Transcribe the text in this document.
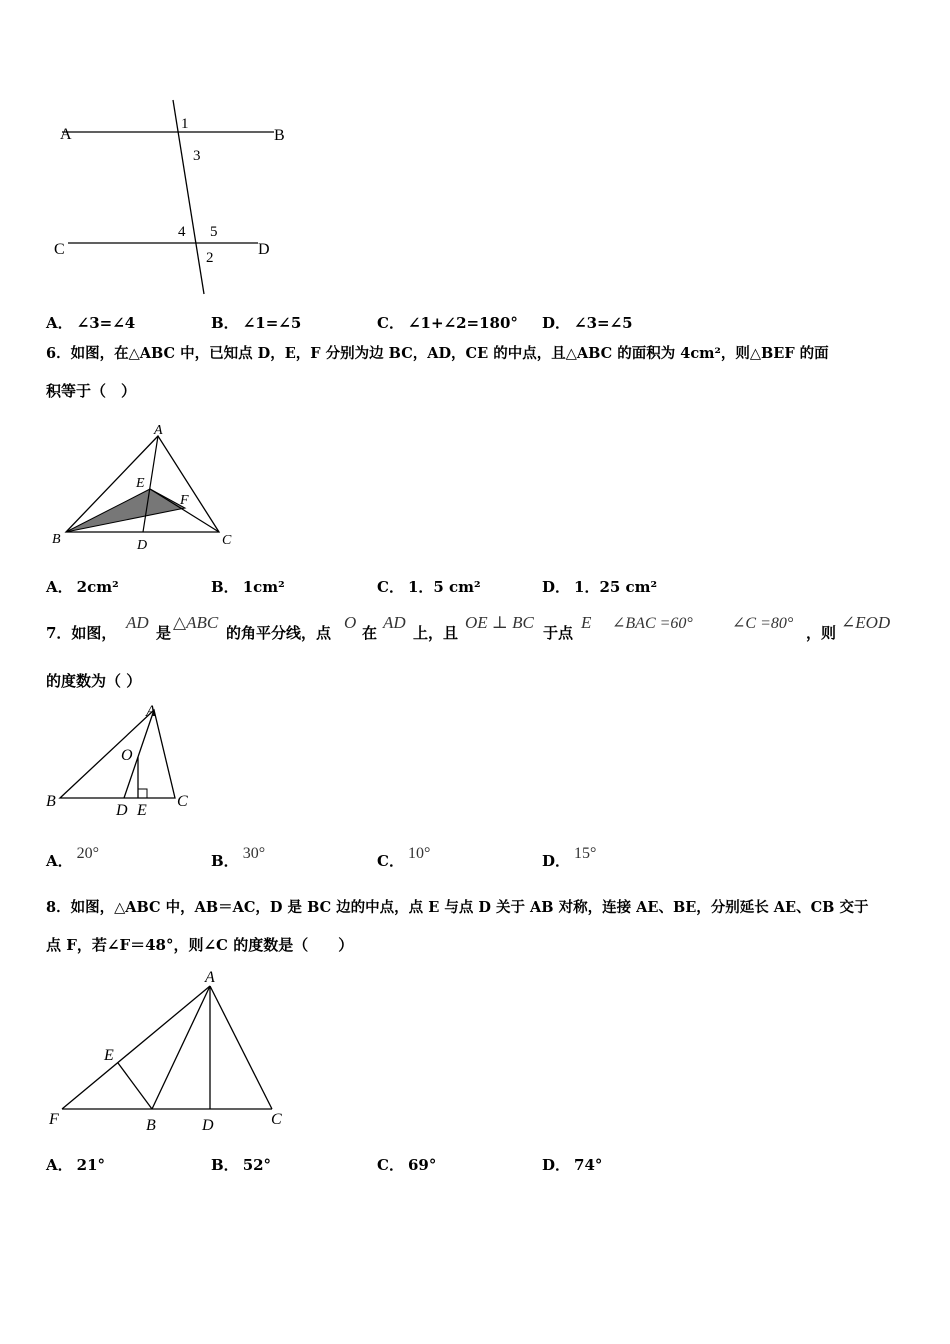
A	B
C	D
1
3
4 5
2
A． ∠3=∠4	B． ∠1=∠5	C． ∠1+∠2=180° D． ∠3=∠5
6．如图，在△ABC 中，已知点 D，E，F 分别为边 BC，AD，CE 的中点，且△ABC 的面积为 4cm²，则△BEF 的面
积等于（　）
A
B	C
D
E
F
A． 2cm²	B． 1cm²	C． 1．5 cm²	D． 1．25 cm²
7．如图，
AD
是
△ABC
的角平分线，点
O
在
AD
上，且
OE ⊥ BC
于点
E ∠BAC =60° ∠C =80°
，则
∠EOD
的度数为（ ）
A
B	C
D E
O
A． 20°	B． 30°	C． 10°	D． 15°
8．如图，△ABC 中，AB＝AC，D 是 BC 边的中点，点 E 与点 D 关于 AB 对称，连接 AE、BE，分别延长 AE、CB 交于
点 F，若∠F＝48°，则∠C 的度数是（　　）
A
E
F	B	D	C
A． 21°	B． 52°	C． 69°	D． 74°
